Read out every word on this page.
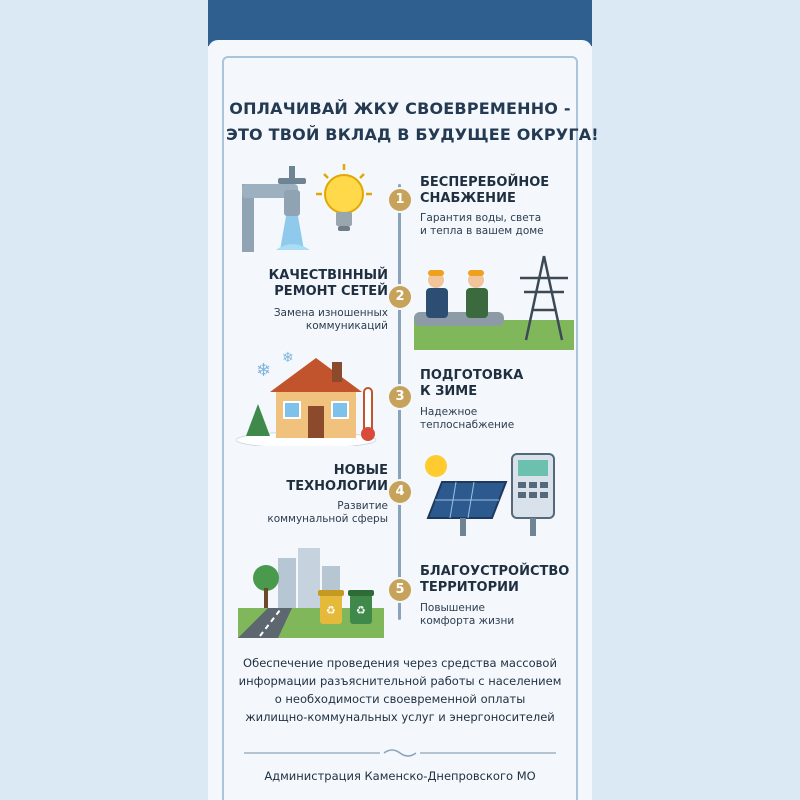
ОПЛАЧИВАЙ ЖКУ СВОЕВРЕМЕННО -
ЭТО ТВОЙ ВКЛАД В БУДУЩЕЕ ОКРУГА!
1
БЕСПЕРЕБОЙНОЕ
СНАБЖЕНИЕ
Гарантия воды, света
и тепла в вашем доме
2
КАЧЕСТВІННЫЙ
РЕМОНТ СЕТЕЙ
Замена изношенных
коммуникаций
3
ПОДГОТОВКА
К ЗИМЕ
Надежное
теплоснабжение
❄
❄
4
НОВЫЕ
ТЕХНОЛОГИИ
Развитие
коммунальной сферы
5
БЛАГОУСТРОЙСТВО
ТЕРРИТОРИИ
Повышение
комфорта жизни
♻ ♻
Обеспечение проведения через средства массовой
информации разъяснительной работы с населением
о необходимости своевременной оплаты
жилищно-коммунальных услуг и энергоносителей
Администрация Каменско-Днепровского МО
